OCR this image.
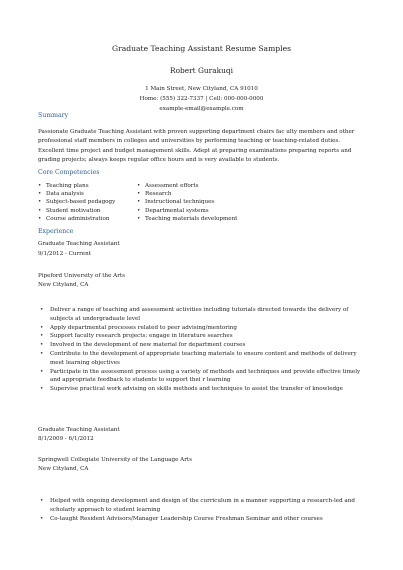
Graduate Teaching Assistant Resume Samples
Robert Gurakuqi
1 Main Street, New Cityland, CA 91010
Home: (555) 322-7337 | Cell: 000-000-0000
example-email@example.com
Summary
Passionate Graduate Teaching Assistant with proven supporting department chairs fac ulty members and other professional staff members in colleges and universities by performing teaching or teaching-related duties. Excellent time project and budget management skills. Adept at preparing examinations preparing reports and grading projects; always keeps regular office hours and is very available to students.
Core Competencies
• Teaching plans
• Data analysis
• Subject-based pedagogy
• Student motivation
• Course administration
• Assessment efforts
• Research
• Instructional techniques
• Departmental systems
• Teaching materials development
Experience
Graduate Teaching Assistant
9/1/2012 - Current
Pipeford University of the Arts
New Cityland, CA
• Deliver a range of teaching and assessment activities including tutorials directed towards the delivery of subjects at undergraduate level
• Apply departmental processes related to peer advising/mentoring
• Support faculty research projects; engage in literature searches
• Involved in the development of new material for department courses
• Contribute to the development of appropriate teaching materials to ensure content and methods of delivery meet learning objectives
• Participate in the assessment process using a variety of methods and techniques and provide effective timely and appropriate feedback to students to support thei r learning
• Supervise practical work advising on skills methods and techniques to assist the transfer of knowledge
Graduate Teaching Assistant
8/1/2009 - 6/1/2012
Springwell Collegiate University of the Language Arts
New Cityland, CA
• Helped with ongoing development and design of the curriculum in a manner supporting a research-led and scholarly approach to student learning
• Co-taught Resident Advisors/Manager Leadership Course Freshman Seminar and other courses
